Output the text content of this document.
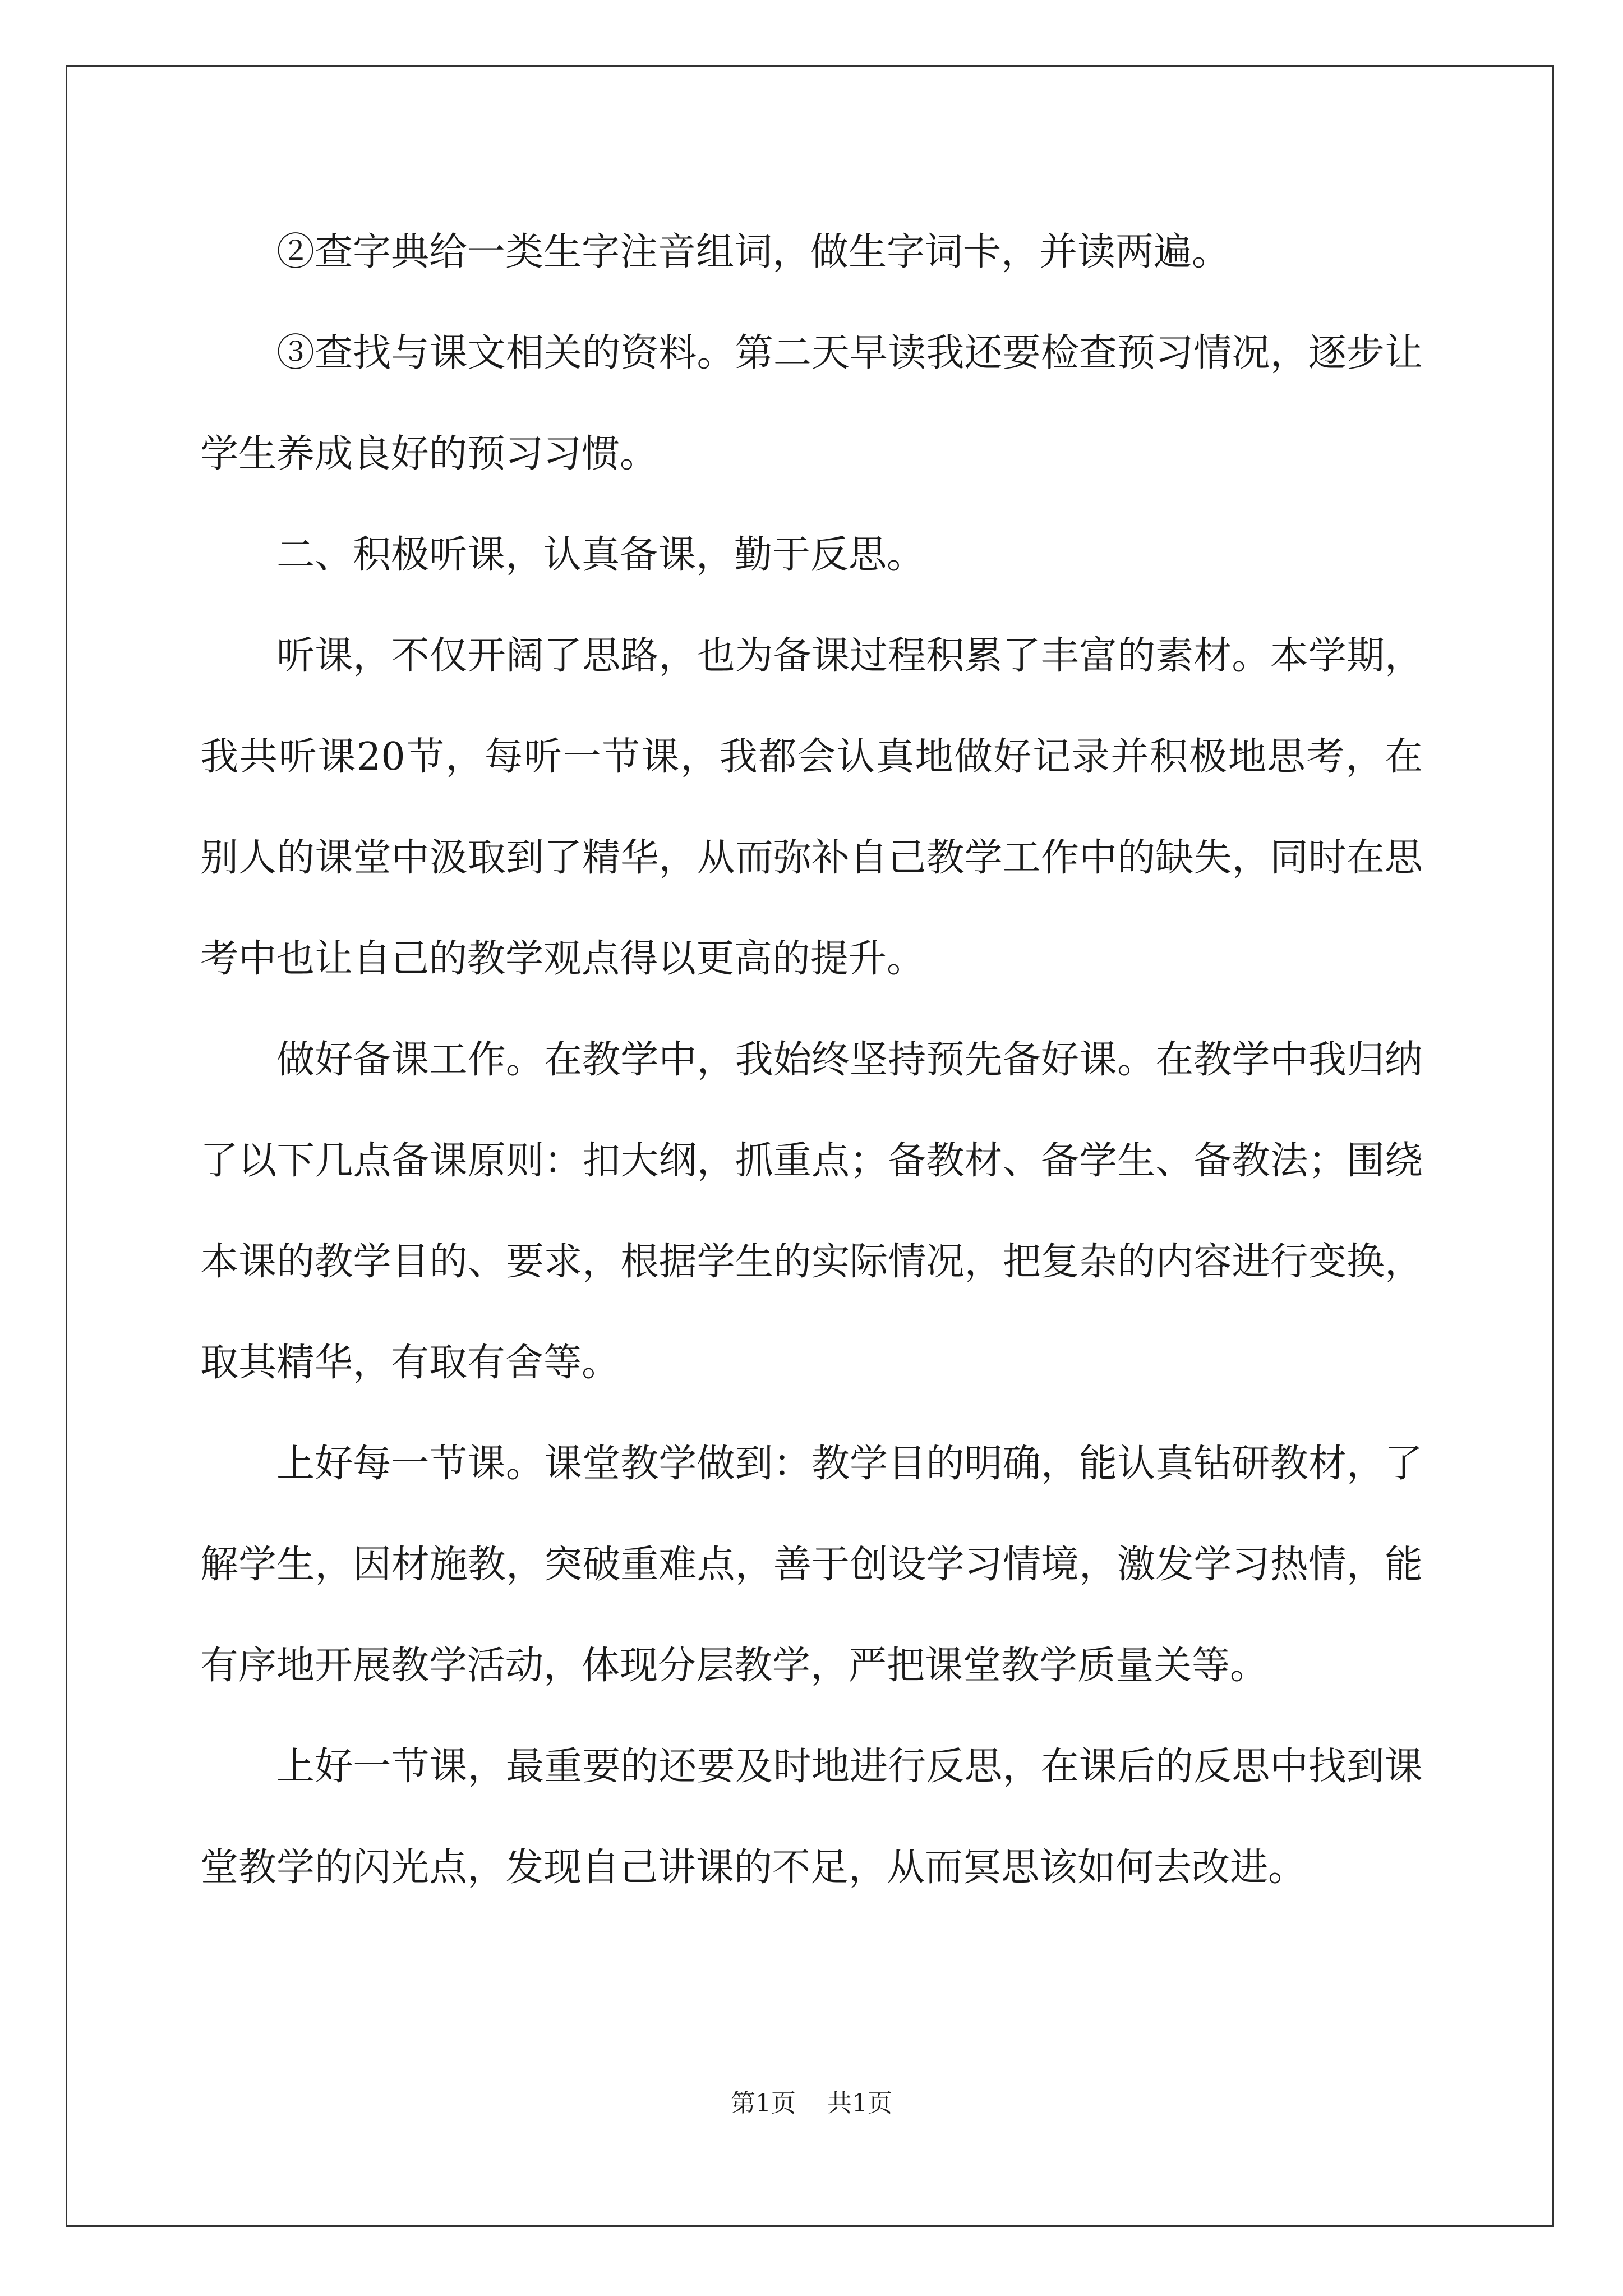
②查字典给一类生字注音组词，做生字词卡，并读两遍。

③查找与课文相关的资料。第二天早读我还要检查预习情况，逐步让学生养成良好的预习习惯。

二、积极听课，认真备课，勤于反思。

听课，不仅开阔了思路，也为备课过程积累了丰富的素材。本学期，我共听课20节，每听一节课，我都会认真地做好记录并积极地思考，在别人的课堂中汲取到了精华，从而弥补自己教学工作中的缺失，同时在思考中也让自己的教学观点得以更高的提升。

做好备课工作。在教学中，我始终坚持预先备好课。在教学中我归纳了以下几点备课原则：扣大纲，抓重点；备教材、备学生、备教法；围绕本课的教学目的、要求，根据学生的实际情况，把复杂的内容进行变换，取其精华，有取有舍等。

上好每一节课。课堂教学做到：教学目的明确，能认真钻研教材，了解学生，因材施教，突破重难点，善于创设学习情境，激发学习热情，能有序地开展教学活动，体现分层教学，严把课堂教学质量关等。

上好一节课，最重要的还要及时地进行反思，在课后的反思中找到课堂教学的闪光点，发现自己讲课的不足，从而冥思该如何去改进。

第1页 共1页
